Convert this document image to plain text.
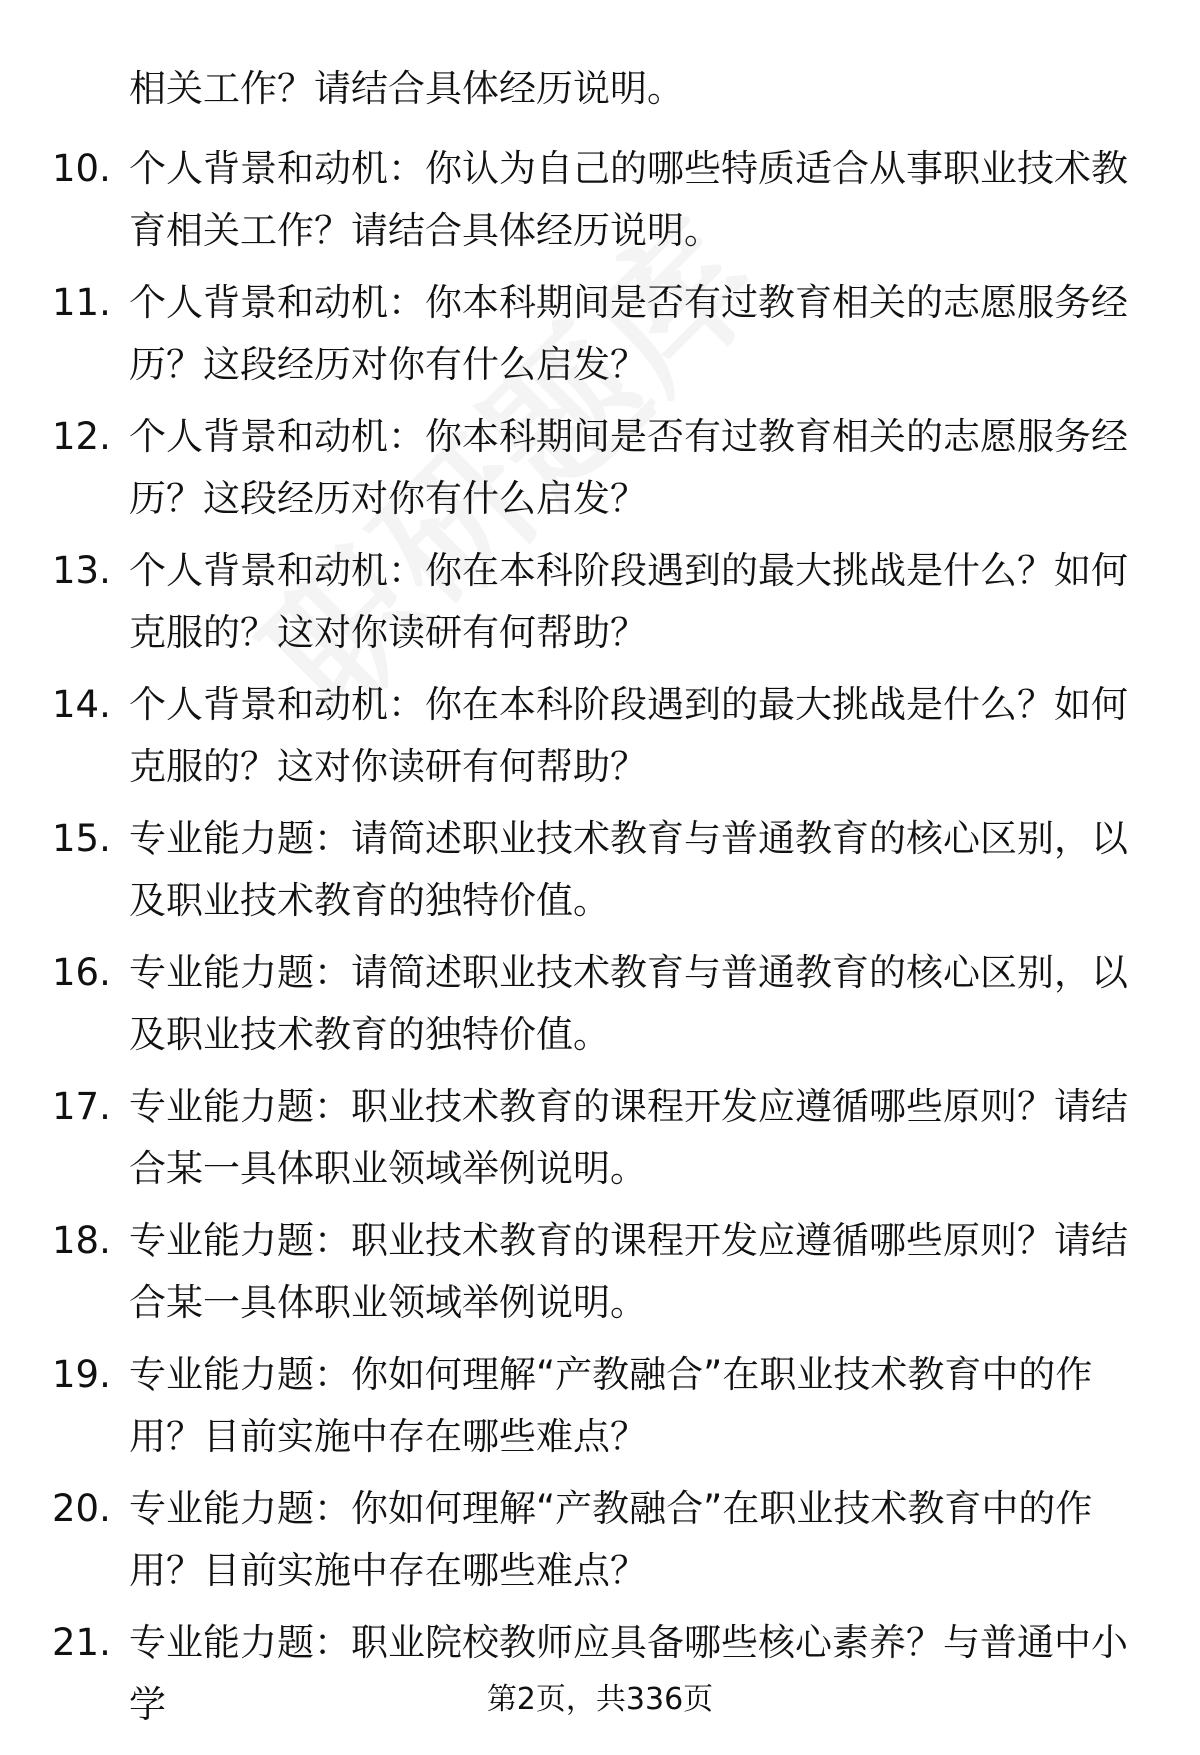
相关工作？请结合具体经历说明。
10. 个人背景和动机：你认为自己的哪些特质适合从事职业技术教育相关工作？请结合具体经历说明。
11. 个人背景和动机：你本科期间是否有过教育相关的志愿服务经历？这段经历对你有什么启发？
12. 个人背景和动机：你本科期间是否有过教育相关的志愿服务经历？这段经历对你有什么启发？
13. 个人背景和动机：你在本科阶段遇到的最大挑战是什么？如何克服的？这对你读研有何帮助？
14. 个人背景和动机：你在本科阶段遇到的最大挑战是什么？如何克服的？这对你读研有何帮助？
15. 专业能力题：请简述职业技术教育与普通教育的核心区别，以及职业技术教育的独特价值。
16. 专业能力题：请简述职业技术教育与普通教育的核心区别，以及职业技术教育的独特价值。
17. 专业能力题：职业技术教育的课程开发应遵循哪些原则？请结合某一具体职业领域举例说明。
18. 专业能力题：职业技术教育的课程开发应遵循哪些原则？请结合某一具体职业领域举例说明。
19. 专业能力题：你如何理解“产教融合”在职业技术教育中的作用？目前实施中存在哪些难点？
20. 专业能力题：你如何理解“产教融合”在职业技术教育中的作用？目前实施中存在哪些难点？
21. 专业能力题：职业院校教师应具备哪些核心素养？与普通中小学	第2页，共336页
